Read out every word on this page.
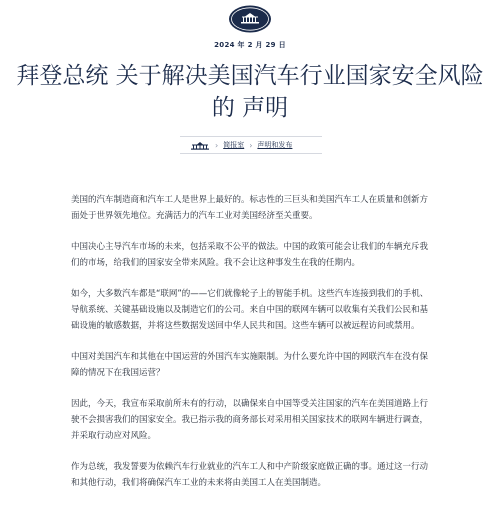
2024 年 2 月 29 日
拜登总统 关于解决美国汽车行业国家安全风险的 声明
› 简报室 › 声明和发布

美国的汽车制造商和汽车工人是世界上最好的。标志性的三巨头和美国汽车工人在质量和创新方面处于世界领先地位。充满活力的汽车工业对美国经济至关重要。

中国决心主导汽车市场的未来，包括采取不公平的做法。中国的政策可能会让我们的车辆充斥我们的市场，给我们的国家安全带来风险。我不会让这种事发生在我的任期内。

如今，大多数汽车都是“联网”的——它们就像轮子上的智能手机。这些汽车连接到我们的手机、导航系统、关键基础设施以及制造它们的公司。来自中国的联网车辆可以收集有关我们公民和基础设施的敏感数据，并将这些数据发送回中华人民共和国。这些车辆可以被远程访问或禁用。

中国对美国汽车和其他在中国运营的外国汽车实施限制。为什么要允许中国的网联汽车在没有保障的情况下在我国运营？

因此，今天，我宣布采取前所未有的行动，以确保来自中国等受关注国家的汽车在美国道路上行驶不会损害我们的国家安全。我已指示我的商务部长对采用相关国家技术的联网车辆进行调查，并采取行动应对风险。

作为总统，我发誓要为依赖汽车行业就业的汽车工人和中产阶级家庭做正确的事。通过这一行动和其他行动，我们将确保汽车工业的未来将由美国工人在美国制造。
